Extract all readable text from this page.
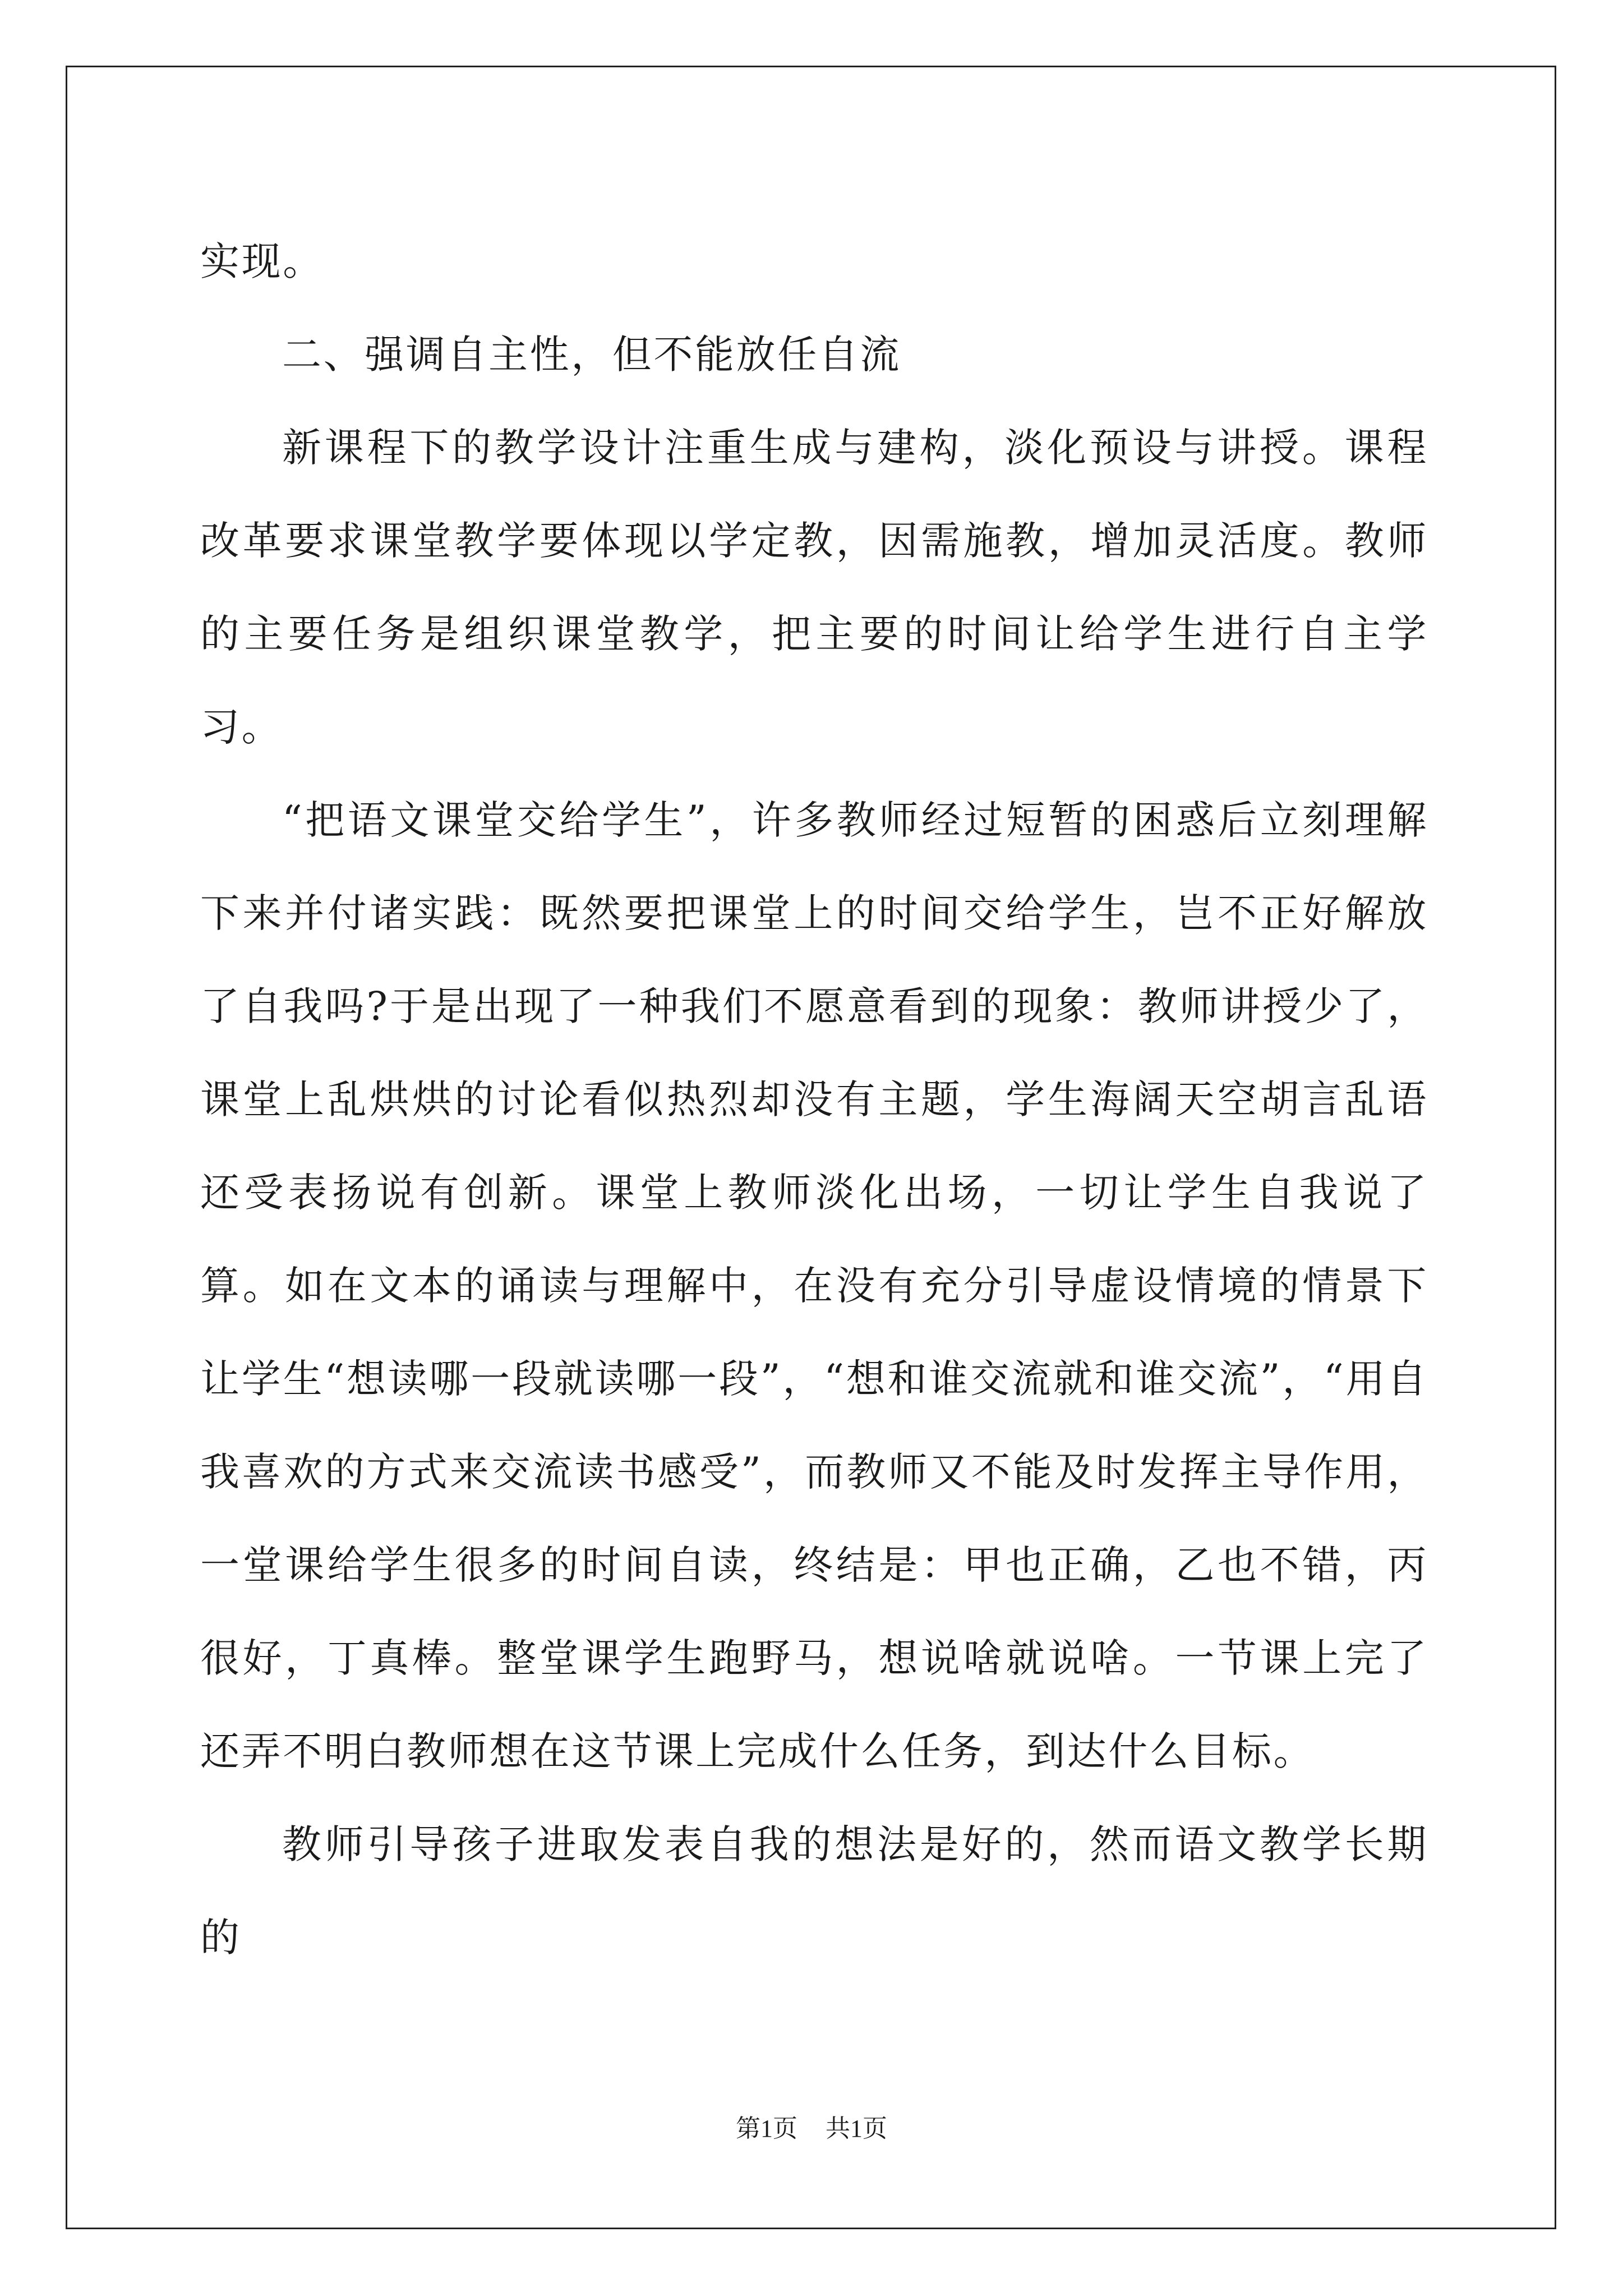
实现。

二、强调自主性，但不能放任自流

新课程下的教学设计注重生成与建构，淡化预设与讲授。课程改革要求课堂教学要体现以学定教，因需施教，增加灵活度。教师的主要任务是组织课堂教学，把主要的时间让给学生进行自主学习。

“把语文课堂交给学生”，许多教师经过短暂的困惑后立刻理解下来并付诸实践：既然要把课堂上的时间交给学生，岂不正好解放了自我吗?于是出现了一种我们不愿意看到的现象：教师讲授少了，课堂上乱烘烘的讨论看似热烈却没有主题，学生海阔天空胡言乱语还受表扬说有创新。课堂上教师淡化出场，一切让学生自我说了算。如在文本的诵读与理解中，在没有充分引导虚设情境的情景下让学生“想读哪一段就读哪一段”，“想和谁交流就和谁交流”，“用自我喜欢的方式来交流读书感受”，而教师又不能及时发挥主导作用，一堂课给学生很多的时间自读，终结是：甲也正确，乙也不错，丙很好，丁真棒。整堂课学生跑野马，想说啥就说啥。一节课上完了还弄不明白教师想在这节课上完成什么任务，到达什么目标。

教师引导孩子进取发表自我的想法是好的，然而语文教学长期的

第1页 共1页
